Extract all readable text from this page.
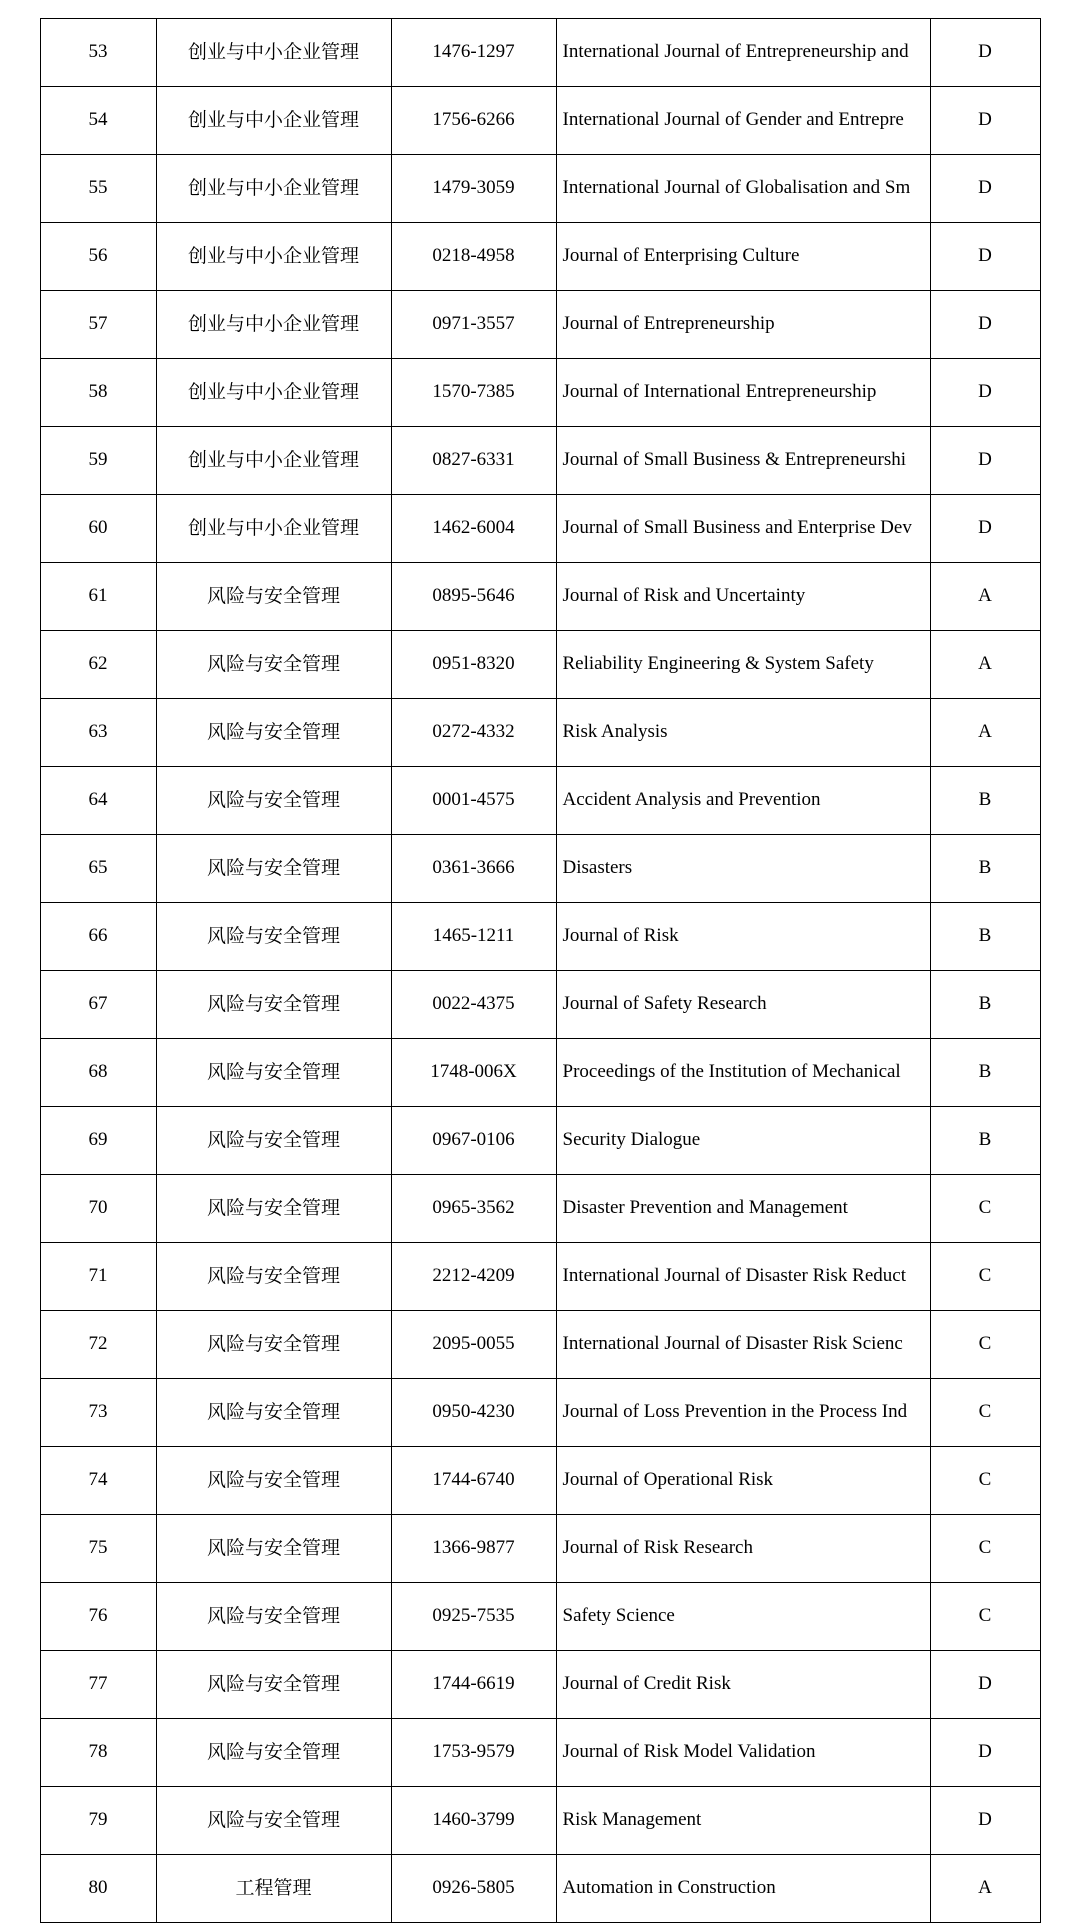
53	创业与中小企业管理	1476-1297	International Journal of Entrepreneurship and	D
54	创业与中小企业管理	1756-6266	International Journal of Gender and Entrepre	D
55	创业与中小企业管理	1479-3059	International Journal of Globalisation and Sm	D
56	创业与中小企业管理	0218-4958	Journal of Enterprising Culture	D
57	创业与中小企业管理	0971-3557	Journal of Entrepreneurship	D
58	创业与中小企业管理	1570-7385	Journal of International Entrepreneurship	D
59	创业与中小企业管理	0827-6331	Journal of Small Business & Entrepreneurshi	D
60	创业与中小企业管理	1462-6004	Journal of Small Business and Enterprise Dev	D
61	风险与安全管理	0895-5646	Journal of Risk and Uncertainty	A
62	风险与安全管理	0951-8320	Reliability Engineering & System Safety	A
63	风险与安全管理	0272-4332	Risk Analysis	A
64	风险与安全管理	0001-4575	Accident Analysis and Prevention	B
65	风险与安全管理	0361-3666	Disasters	B
66	风险与安全管理	1465-1211	Journal of Risk	B
67	风险与安全管理	0022-4375	Journal of Safety Research	B
68	风险与安全管理	1748-006X	Proceedings of the Institution of Mechanical	B
69	风险与安全管理	0967-0106	Security Dialogue	B
70	风险与安全管理	0965-3562	Disaster Prevention and Management	C
71	风险与安全管理	2212-4209	International Journal of Disaster Risk Reduct	C
72	风险与安全管理	2095-0055	International Journal of Disaster Risk Scienc	C
73	风险与安全管理	0950-4230	Journal of Loss Prevention in the Process Ind	C
74	风险与安全管理	1744-6740	Journal of Operational Risk	C
75	风险与安全管理	1366-9877	Journal of Risk Research	C
76	风险与安全管理	0925-7535	Safety Science	C
77	风险与安全管理	1744-6619	Journal of Credit Risk	D
78	风险与安全管理	1753-9579	Journal of Risk Model Validation	D
79	风险与安全管理	1460-3799	Risk Management	D
80	工程管理	0926-5805	Automation in Construction	A
